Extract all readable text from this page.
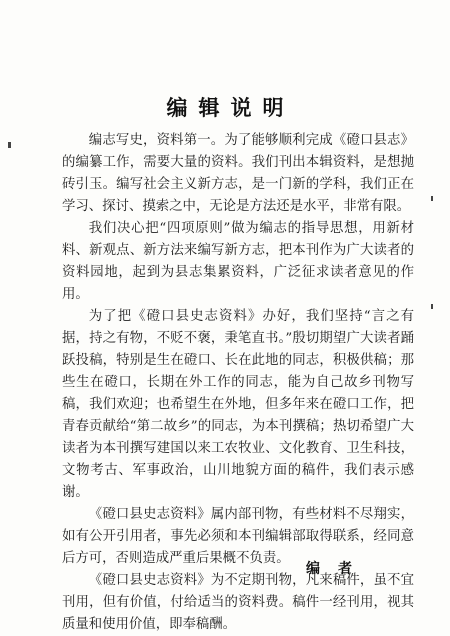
编辑说明

编志写史，资料第一。为了能够顺利完成《磴口县志》的编纂工作，需要大量的资料。我们刊出本辑资料，是想抛砖引玉。编写社会主义新方志，是一门新的学科，我们正在学习、探讨、摸索之中，无论是方法还是水平，非常有限。

我们决心把“四项原则”做为编志的指导思想，用新材料、新观点、新方法来编写新方志，把本刊作为广大读者的资料园地，起到为县志集累资料，广泛征求读者意见的作用。

为了把《磴口县史志资料》办好，我们坚持“言之有据，持之有物，不贬不褒，秉笔直书。”殷切期望广大读者踊跃投稿，特别是生在磴口、长在此地的同志，积极供稿；那些生在磴口，长期在外工作的同志，能为自己故乡刊物写稿，我们欢迎；也希望生在外地，但多年来在磴口工作，把青春贡献给“第二故乡”的同志，为本刊撰稿；热切希望广大读者为本刊撰写建国以来工农牧业、文化教育、卫生科技，文物考古、军事政治，山川地貌方面的稿件，我们表示感谢。

《磴口县史志资料》属内部刊物，有些材料不尽翔实，如有公开引用者，事先必须和本刊编辑部取得联系，经同意后方可，否则造成严重后果概不负责。

《磴口县史志资料》为不定期刊物，凡来稿件，虽不宜刊用，但有价值，付给适当的资料费。稿件一经刊用，视其质量和使用价值，即奉稿酬。

编者
